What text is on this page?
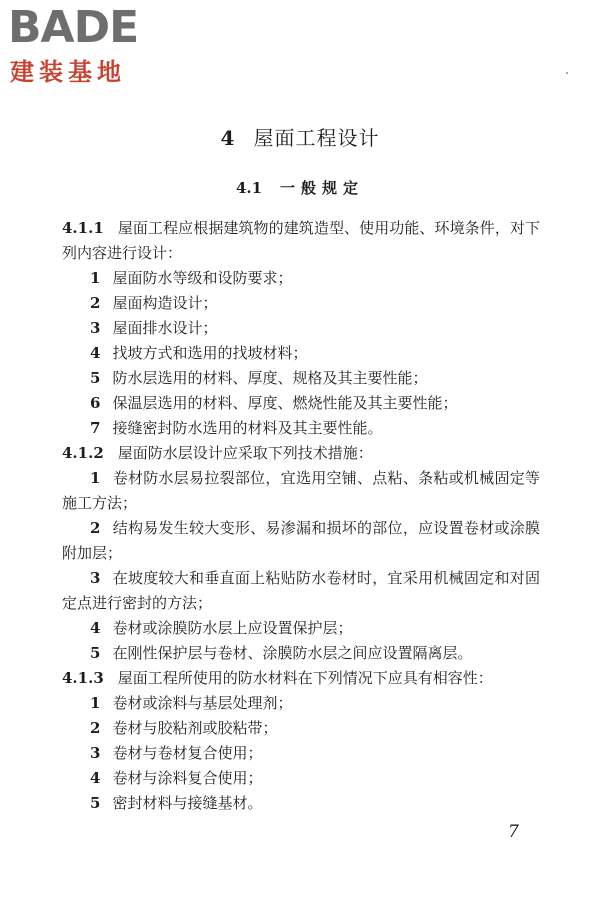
BADE
建装基地
4 屋面工程设计
4.1 一般规定

4.1.1 屋面工程应根据建筑物的建筑造型、使用功能、环境条件，对下列内容进行设计：

1 屋面防水等级和设防要求；

2 屋面构造设计；

3 屋面排水设计；

4 找坡方式和选用的找坡材料；

5 防水层选用的材料、厚度、规格及其主要性能；

6 保温层选用的材料、厚度、燃烧性能及其主要性能；

7 接缝密封防水选用的材料及其主要性能。

4.1.2 屋面防水层设计应采取下列技术措施：

1 卷材防水层易拉裂部位，宜选用空铺、点粘、条粘或机械固定等施工方法；

2 结构易发生较大变形、易渗漏和损坏的部位，应设置卷材或涂膜附加层；

3 在坡度较大和垂直面上粘贴防水卷材时，宜采用机械固定和对固定点进行密封的方法；

4 卷材或涂膜防水层上应设置保护层；

5 在刚性保护层与卷材、涂膜防水层之间应设置隔离层。

4.1.3 屋面工程所使用的防水材料在下列情况下应具有相容性：

1 卷材或涂料与基层处理剂；

2 卷材与胶粘剂或胶粘带；

3 卷材与卷材复合使用；

4 卷材与涂料复合使用；

5 密封材料与接缝基材。

7
